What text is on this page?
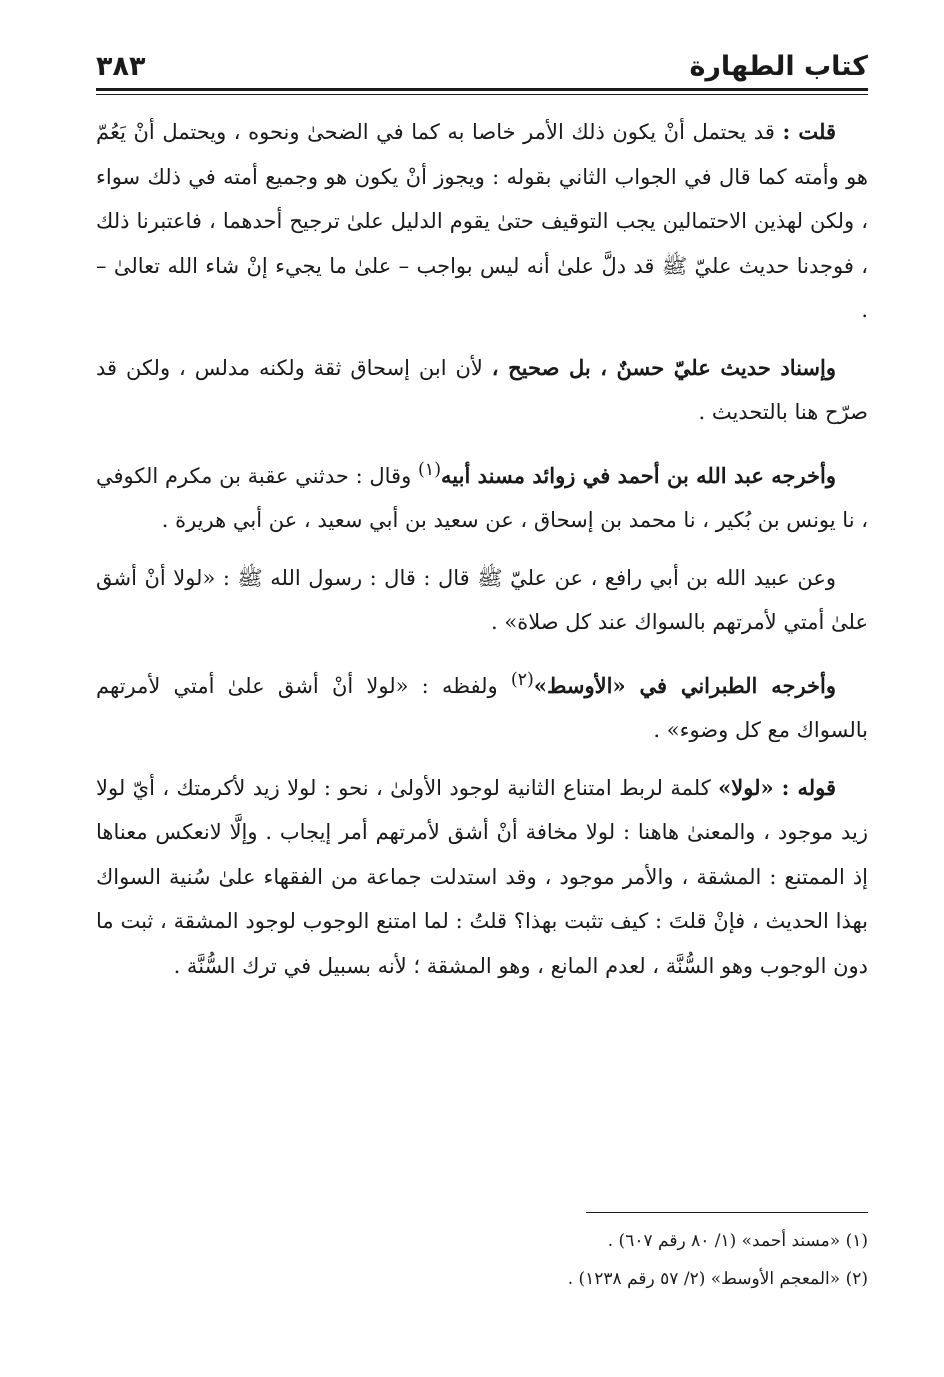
كتاب الطهارة
٣٨٣

قلت : قد يحتمل أنْ يكون ذلك الأمر خاصا به كما في الضحىٰ ونحوه ، ويحتمل أنْ يَعُمّ هو وأمته كما قال في الجواب الثاني بقوله : ويجوز أنْ يكون هو وجميع أمته في ذلك سواء ، ولكن لهذين الاحتمالين يجب التوقيف حتىٰ يقوم الدليل علىٰ ترجيح أحدهما ، فاعتبرنا ذلك ، فوجدنا حديث عليّ ﷺ قد دلَّ علىٰ أنه ليس بواجب – علىٰ ما يجيء إنْ شاء الله تعالىٰ – .

وإسناد حديث عليّ حسنٌ ، بل صحيح ، لأن ابن إسحاق ثقة ولكنه مدلس ، ولكن قد صرّح هنا بالتحديث .

وأخرجه عبد الله بن أحمد في زوائد مسند أبيه$^{(١)}$ وقال : حدثني عقبة بن مكرم الكوفي ، نا يونس بن بُكير ، نا محمد بن إسحاق ، عن سعيد بن أبي سعيد ، عن أبي هريرة .

وعن عبيد الله بن أبي رافع ، عن عليّ ﷺ قال : قال : رسول الله ﷺ : «لولا أنْ أشق علىٰ أمتي لأمرتهم بالسواك عند كل صلاة» .

وأخرجه الطبراني في «الأوسط»$^{(٢)}$ ولفظه : «لولا أنْ أشق علىٰ أمتي لأمرتهم بالسواك مع كل وضوء» .

قوله : «لولا» كلمة لربط امتناع الثانية لوجود الأولىٰ ، نحو : لولا زيد لأكرمتك ، أيّ لولا زيد موجود ، والمعنىٰ هاهنا : لولا مخافة أنْ أشق لأمرتهم أمر إيجاب . وإلَّا لانعكس معناها إذ الممتنع : المشقة ، والأمر موجود ، وقد استدلت جماعة من الفقهاء علىٰ سُنية السواك بهذا الحديث ، فإنْ قلتَ : كيف تثبت بهذا؟ قلتُ : لما امتنع الوجوب لوجود المشقة ، ثبت ما دون الوجوب وهو السُّنَّة ، لعدم المانع ، وهو المشقة ؛ لأنه بسبيل في ترك السُّنَّة .

(١) «مسند أحمد» (١/ ٨٠ رقم ٦٠٧) .

(٢) «المعجم الأوسط» (٢/ ٥٧ رقم ١٢٣٨) .
